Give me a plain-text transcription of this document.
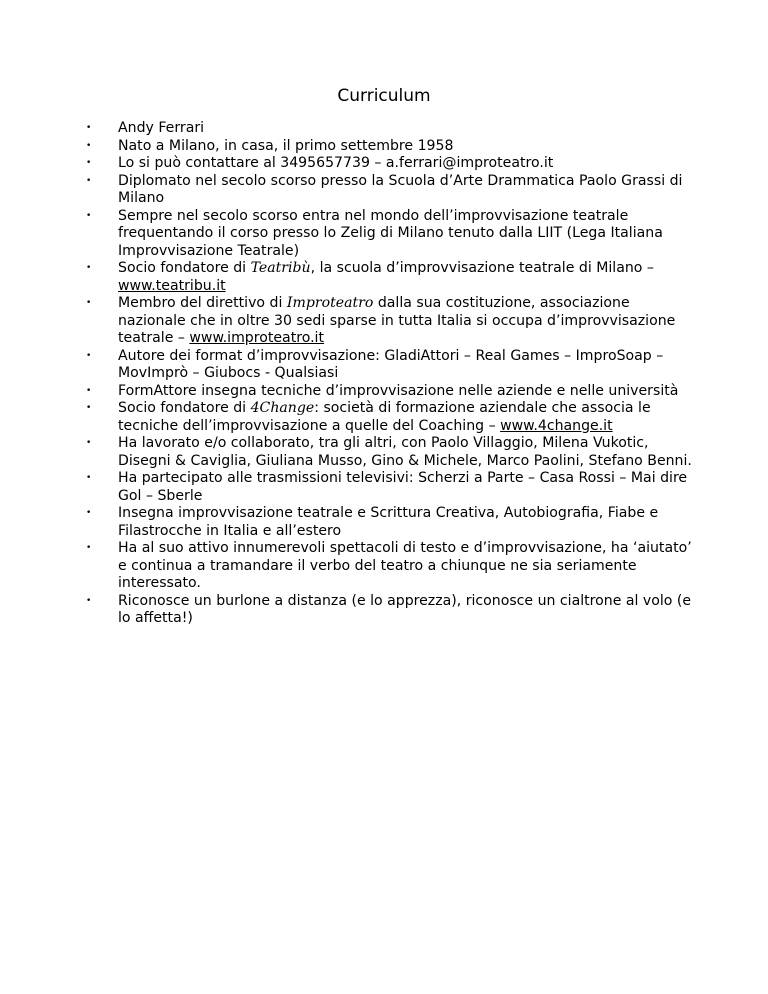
Curriculum
• Andy Ferrari
• Nato a Milano, in casa, il primo settembre 1958
• Lo si può contattare al 3495657739 – a.ferrari@improteatro.it
• Diplomato nel secolo scorso presso la Scuola d’Arte Drammatica Paolo Grassi di Milano
• Sempre nel secolo scorso entra nel mondo dell’improvvisazione teatrale frequentando il corso presso lo Zelig di Milano tenuto dalla LIIT (Lega Italiana Improvvisazione Teatrale)
• Socio fondatore di Teatribù, la scuola d’improvvisazione teatrale di Milano – www.teatribu.it
• Membro del direttivo di Improteatro dalla sua costituzione, associazione nazionale che in oltre 30 sedi sparse in tutta Italia si occupa d’improvvisazione teatrale – www.improteatro.it
• Autore dei format d’improvvisazione: GladiAttori – Real Games – ImproSoap – MovImprò – Giubocs - Qualsiasi
• FormAttore insegna tecniche d’improvvisazione nelle aziende e nelle università
• Socio fondatore di 4Change: società di formazione aziendale che associa le tecniche dell’improvvisazione a quelle del Coaching – www.4change.it
• Ha lavorato e/o collaborato, tra gli altri, con Paolo Villaggio, Milena Vukotic, Disegni & Caviglia, Giuliana Musso, Gino & Michele, Marco Paolini, Stefano Benni.
• Ha partecipato alle trasmissioni televisivi: Scherzi a Parte – Casa Rossi – Mai dire Gol – Sberle
• Insegna improvvisazione teatrale e Scrittura Creativa, Autobiografia, Fiabe e Filastrocche in Italia e all’estero
• Ha al suo attivo innumerevoli spettacoli di testo e d’improvvisazione, ha ‘aiutato’ e continua a tramandare il verbo del teatro a chiunque ne sia seriamente interessato.
• Riconosce un burlone a distanza (e lo apprezza), riconosce un cialtrone al volo (e lo affetta!)
